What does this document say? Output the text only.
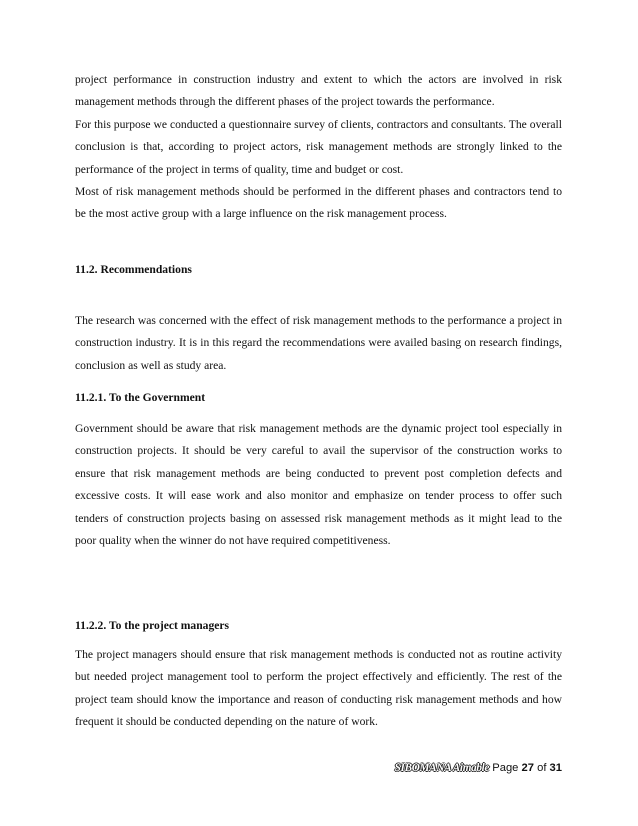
project performance in construction industry and extent to which the actors are involved in risk management methods through the different phases of the project towards the performance.

For this purpose we conducted a questionnaire survey of clients, contractors and consultants. The overall conclusion is that, according to project actors, risk management methods are strongly linked to the performance of the project in terms of quality, time and budget or cost.

Most of risk management methods should be performed in the different phases and contractors tend to be the most active group with a large influence on the risk management process.

11.2. Recommendations

The research was concerned with the effect of risk management methods to the performance a project in construction industry. It is in this regard the recommendations were availed basing on research findings, conclusion as well as study area.

11.2.1. To the Government

Government should be aware that risk management methods are the dynamic project tool especially in construction projects. It should be very careful to avail the supervisor of the construction works to ensure that risk management methods are being conducted to prevent post completion defects and excessive costs. It will ease work and also monitor and emphasize on tender process to offer such tenders of construction projects basing on assessed risk management methods as it might lead to the poor quality when the winner do not have required competitiveness.

11.2.2. To the project managers

The project managers should ensure that risk management methods is conducted not as routine activity but needed project management tool to perform the project effectively and efficiently. The rest of the project team should know the importance and reason of conducting risk management methods and how frequent it should be conducted depending on the nature of work.

SIBOMANA Aimable Page 27 of 31
